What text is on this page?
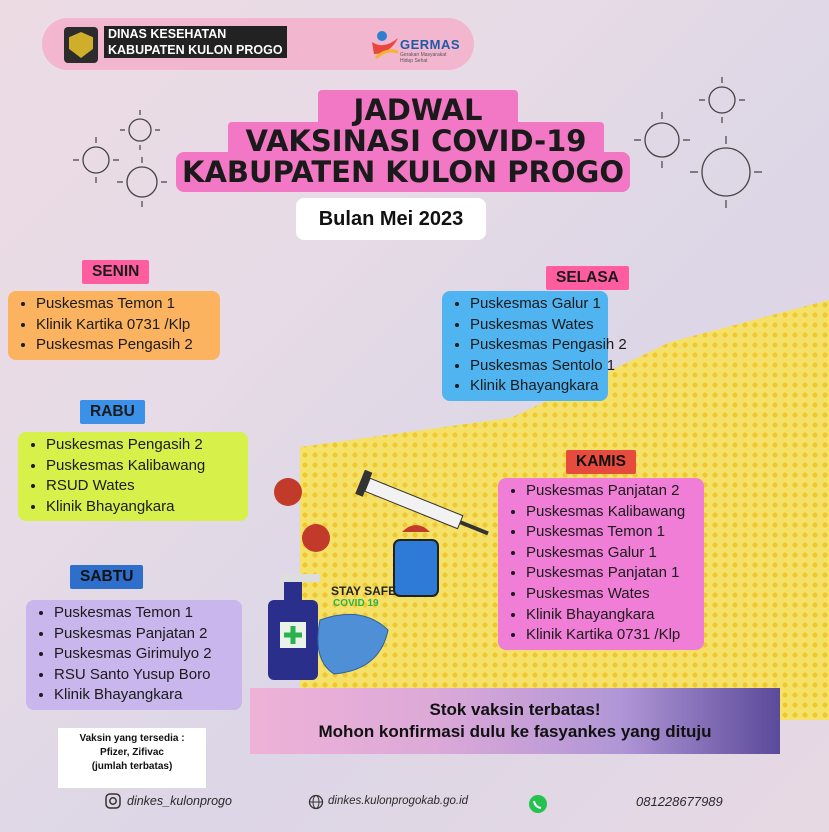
DINAS KESEHATAN
KABUPATEN KULON PROGO	GERMAS
Gerakan Masyarakat Hidup Sehat
JADWAL
VAKSINASI COVID-19
KABUPATEN KULON PROGO
Bulan Mei 2023
SENIN
• Puskesmas Temon 1
• Klinik Kartika 0731 /Klp
• Puskesmas Pengasih 2
SELASA
• Puskesmas Galur 1
• Puskesmas Wates
• Puskesmas Pengasih 2
• Puskesmas Sentolo 1
• Klinik Bhayangkara
RABU
• Puskesmas Pengasih 2
• Puskesmas Kalibawang
• RSUD Wates
• Klinik Bhayangkara
KAMIS
• Puskesmas Panjatan 2
• Puskesmas Kalibawang
• Puskesmas Temon 1
• Puskesmas Galur 1
• Puskesmas Panjatan 1
• Puskesmas Wates
• Klinik Bhayangkara
• Klinik Kartika 0731 /Klp
SABTU
• Puskesmas Temon 1
• Puskesmas Panjatan 2
• Puskesmas Girimulyo 2
• RSU Santo Yusup Boro
• Klinik Bhayangkara
STAY SAFE
COVID 19
Stok vaksin terbatas!
Mohon konfirmasi dulu ke fasyankes yang dituju
Vaksin yang tersedia :
Pfizer, Zifivac
(jumlah terbatas)
dinkes_kulonprogo	dinkes.kulonprogokab.go.id	081228677989
